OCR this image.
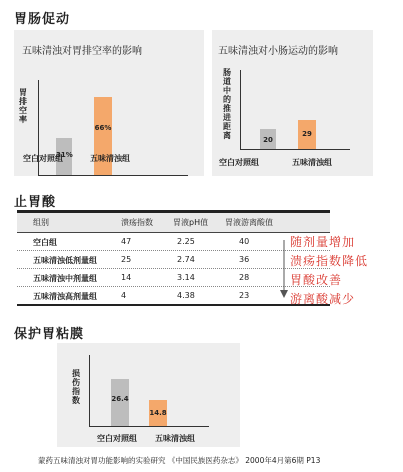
胃肠促动
五味清浊对胃排空率的影响
胃排空率
31%
66%
空白对照组	五味清浊组
五味清浊对小肠运动的影响
肠道中的推进距离
20
29
空白对照组	五味清浊组
止胃酸
组别	溃疡指数	胃液pH值 胃液游离酸值
空白组	47	2.25	40
五味清浊低剂量组	25	2.74	36
五味清浊中剂量组	14	3.14	28
五味清浊高剂量组	4	4.38	23
随剂量增加
溃疡指数降低
胃酸改善
游离酸减少
保护胃粘膜
损伤指数	26.4
14.8
空白对照组 五味清浊组
蒙药五味清浊对胃功能影响的实验研究 《中国民族医药杂志》 2000年4月第6期 P13
